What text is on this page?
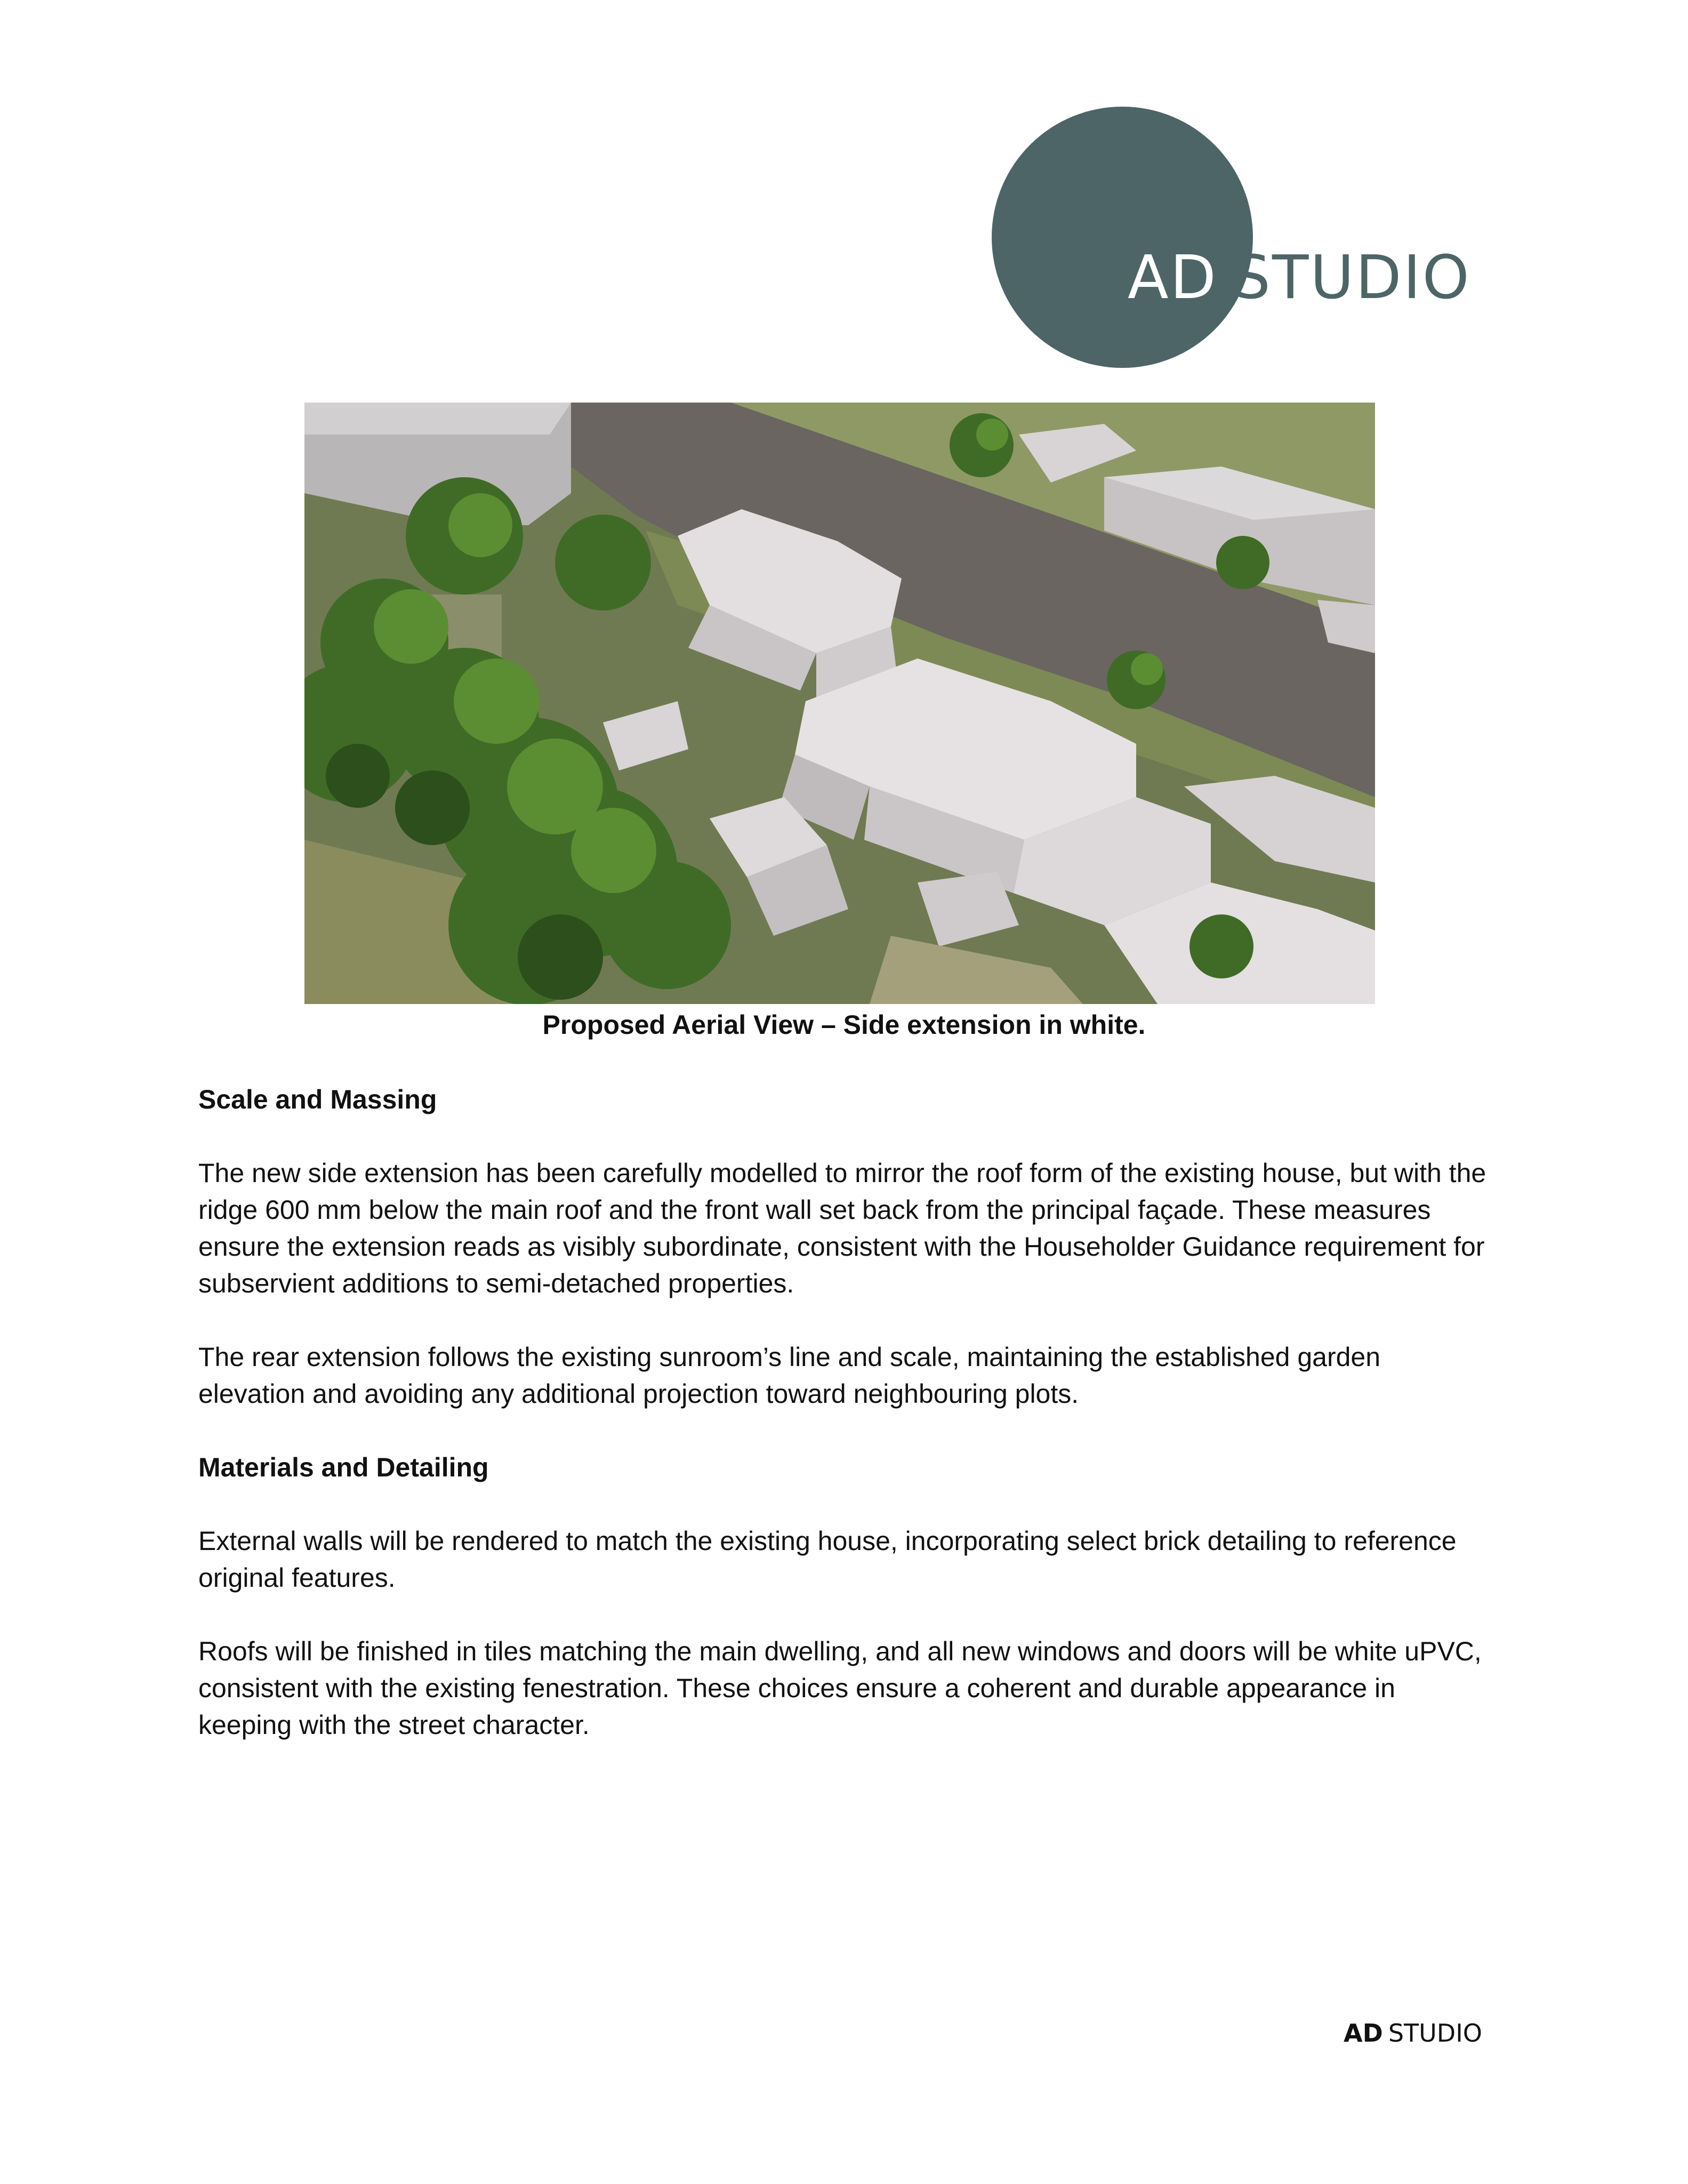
AD STUDIO
Proposed Aerial View – Side extension in white.
Scale and Massing

The new side extension has been carefully modelled to mirror the roof form of the existing house, but with the ridge 600 mm below the main roof and the front wall set back from the principal façade. These measures ensure the extension reads as visibly subordinate, consistent with the Householder Guidance requirement for subservient additions to semi-detached properties.

The rear extension follows the existing sunroom’s line and scale, maintaining the established garden elevation and avoiding any additional projection toward neighbouring plots.

Materials and Detailing

External walls will be rendered to match the existing house, incorporating select brick detailing to reference original features.

Roofs will be finished in tiles matching the main dwelling, and all new windows and doors will be white uPVC, consistent with the existing fenestration. These choices ensure a coherent and durable appearance in keeping with the street character.

AD STUDIO
